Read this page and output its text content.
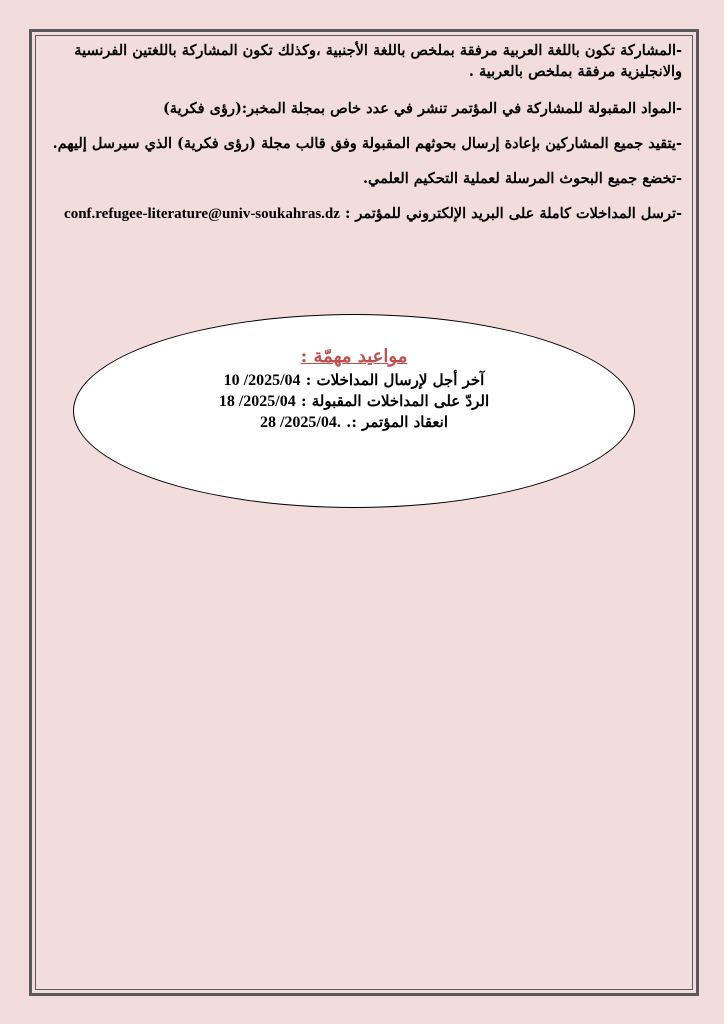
-المشاركة تكون باللغة العربية مرفقة بملخص باللغة الأجنبية ،وكذلك تكون المشاركة باللغتين الفرنسية والانجليزية مرفقة بملخص بالعربية .

-المواد المقبولة للمشاركة في المؤتمر تنشر في عدد خاص بمجلة المخبر:(رؤى فكرية)

-يتقيد جميع المشاركين بإعادة إرسال بحوثهم المقبولة وفق قالب مجلة (رؤى فكرية) الذي سيرسل إليهم.

-تخضع جميع البحوث المرسلة لعملية التحكيم العلمي.

-ترسل المداخلات كاملة على البريد الإلكتروني للمؤتمر : conf.refugee-literature@univ-soukahras.dz

مواعيد مهمّة :

آخر أجل لإرسال المداخلات : 10 /2025/04

الردّ على المداخلات المقبولة : 18 /2025/04

انعقاد المؤتمر :. 28 /2025/04.
